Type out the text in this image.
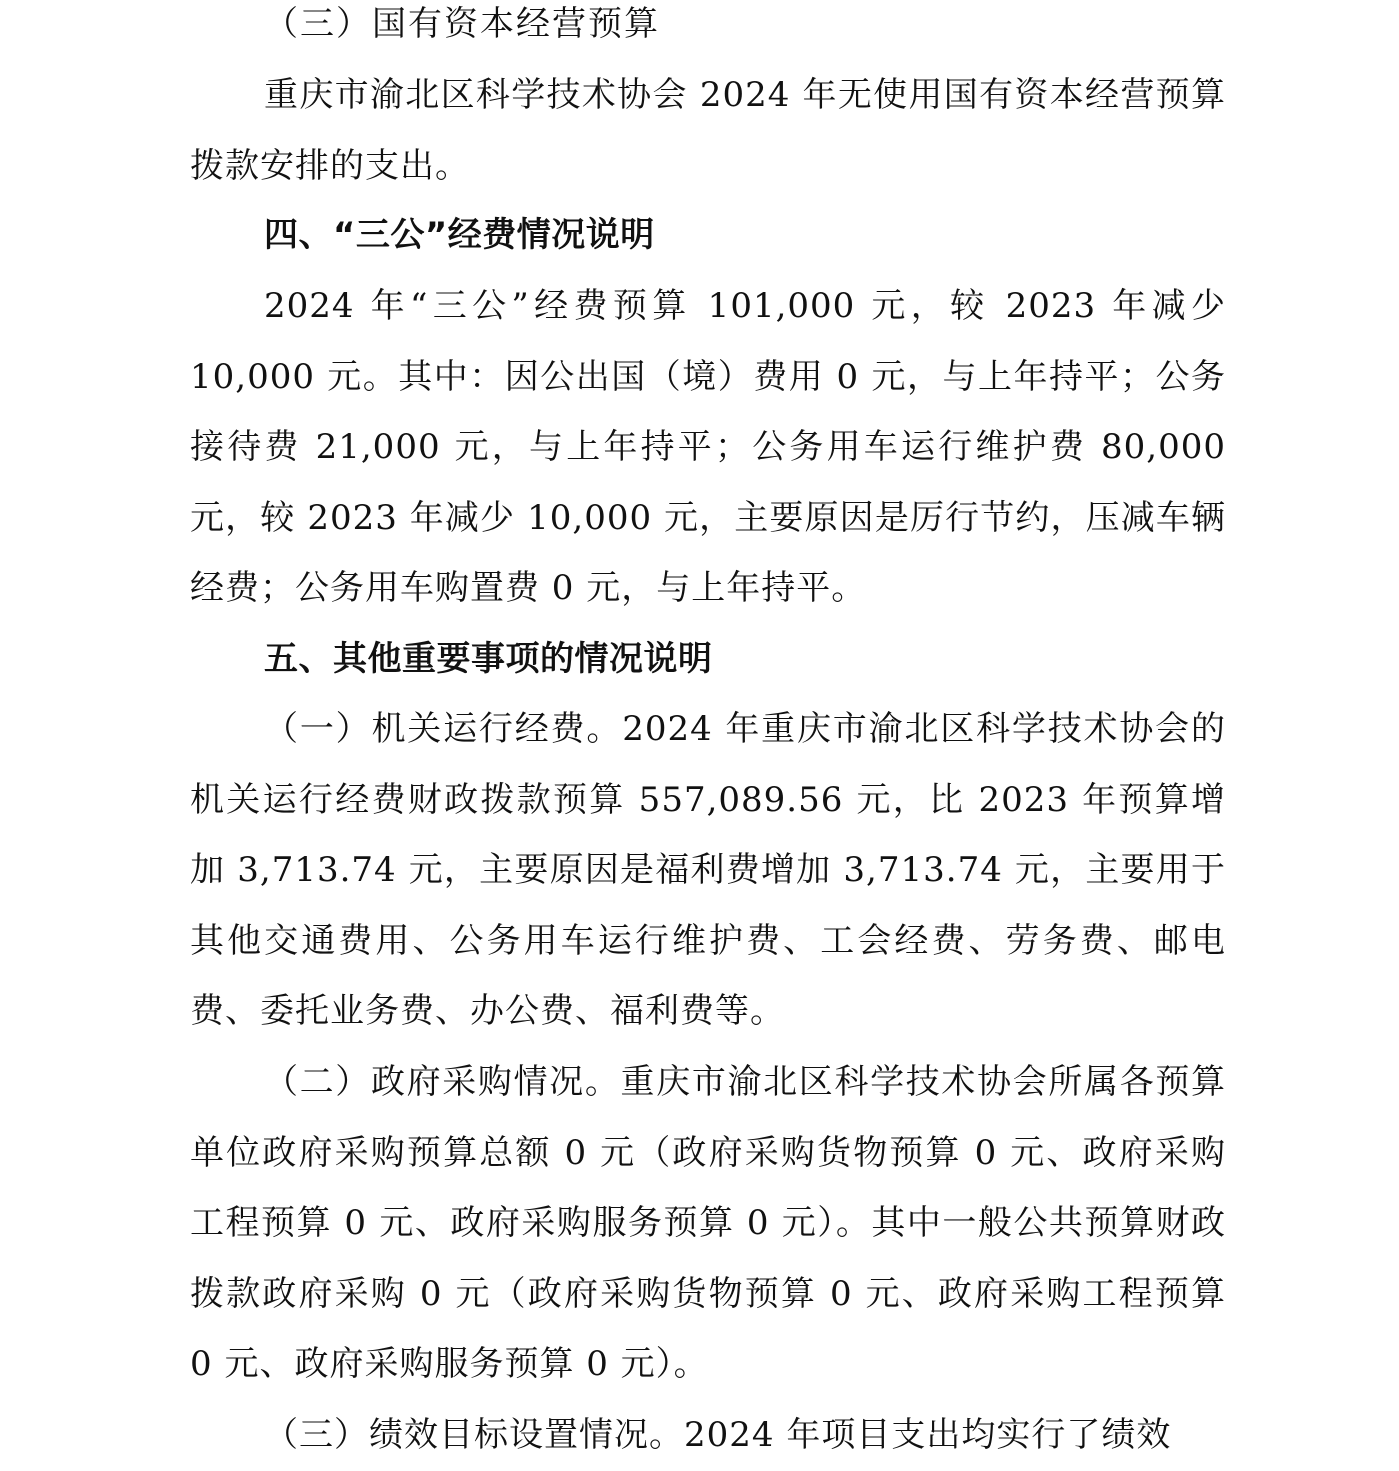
（三）国有资本经营预算

重庆市渝北区科学技术协会 2024 年无使用国有资本经营预算拨款安排的支出。

四、“三公”经费情况说明

2024 年“三公”经费预算 101,000 元，较 2023 年减少 10,000 元。其中：因公出国（境）费用 0 元，与上年持平；公务接待费 21,000 元，与上年持平；公务用车运行维护费 80,000 元，较 2023 年减少 10,000 元，主要原因是厉行节约，压减车辆经费；公务用车购置费 0 元，与上年持平。

五、其他重要事项的情况说明

（一）机关运行经费。2024 年重庆市渝北区科学技术协会的机关运行经费财政拨款预算 557,089.56 元，比 2023 年预算增加 3,713.74 元，主要原因是福利费增加 3,713.74 元，主要用于其他交通费用、公务用车运行维护费、工会经费、劳务费、邮电费、委托业务费、办公费、福利费等。

（二）政府采购情况。重庆市渝北区科学技术协会所属各预算单位政府采购预算总额 0 元（政府采购货物预算 0 元、政府采购工程预算 0 元、政府采购服务预算 0 元）。其中一般公共预算财政拨款政府采购 0 元（政府采购货物预算 0 元、政府采购工程预算 0 元、政府采购服务预算 0 元）。

（三）绩效目标设置情况。2024 年项目支出均实行了绩效
